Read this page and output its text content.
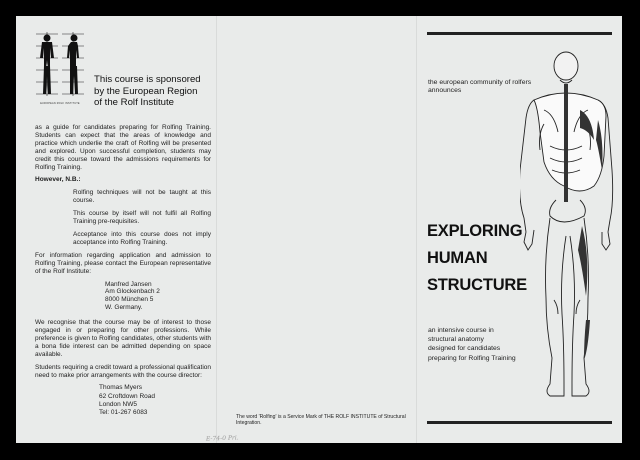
EUROPEAN ROLF INSTITUTE
This course is sponsored
by the European Region
of the Rolf Institute

as a guide for candidates preparing for Rolfing Training. Students can expect that the areas of knowledge and practice which underlie the craft of Rolfing will be presented and explored. Upon successful completion, students may credit this course toward the admissions requirements for Rolfing Training.

However, N.B.:

Rolfing techniques will not be taught at this course.

This course by itself will not fulfil all Rolfing Training pre-requisites.

Acceptance into this course does not imply acceptance into Rolfing Training.

For information regarding application and admission to Rolfing Training, please contact the European representative of the Rolf Institute:

Manfred Jansen
Am Glockenbach 2
8000 München 5
W. Germany.

We recognise that the course may be of interest to those engaged in or preparing for other professions. While preference is given to Rolfing candidates, other students with a bona fide interest can be admitted depending on space available.

Students requiring a credit toward a professional qualification need to make prior arrangements with the course director:

Thomas Myers
62 Croftdown Road
London NW5
Tel: 01-267 6083
The word 'Rolfing' is a Service Mark of THE ROLF INSTITUTE of Structural Integration.
E-74-0 Pri.
the european community of rolfers
announces
EXPLORING
HUMAN
STRUCTURE
an intensive course in
structural anatomy
designed for candidates
preparing for Rolfing Training
